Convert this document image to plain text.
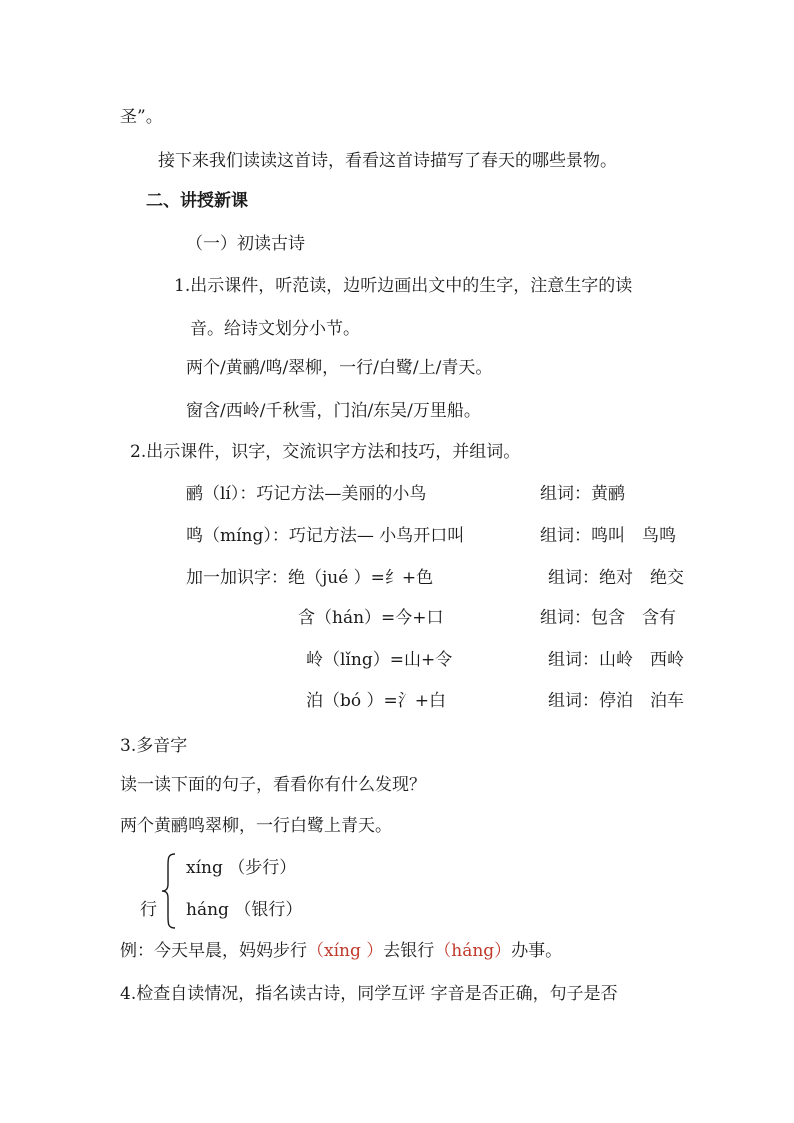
圣”。
接下来我们读读这首诗，看看这首诗描写了春天的哪些景物。
二、讲授新课
（一）初读古诗
1.出示课件，听范读，边听边画出文中的生字，注意生字的读
音。给诗文划分小节。
两个/黄鹂/鸣/翠柳，一行/白鹭/上/青天。
窗含/西岭/千秋雪，门泊/东吴/万里船。
2.出示课件，识字，交流识字方法和技巧，并组词。
鹂（lí）：巧记方法—美丽的小鸟	组词：黄鹂
鸣（míng）：巧记方法— 小鸟开口叫	组词：鸣叫　鸟鸣
加一加识字：绝（jué ）=纟+色	组词：绝对　绝交
含（hán）=今+口	组词：包含　含有
岭（lǐng）=山+令	组词：山岭　西岭
泊（bó ）=氵+白	组词：停泊　泊车
3.多音字
读一读下面的句子，看看你有什么发现？
两个黄鹂鸣翠柳，一行白鹭上青天。
xíng （步行）
行 háng （银行）
例：今天早晨，妈妈步行（xíng ）去银行（háng）办事。
4.检查自读情况，指名读古诗，同学互评 字音是否正确，句子是否
